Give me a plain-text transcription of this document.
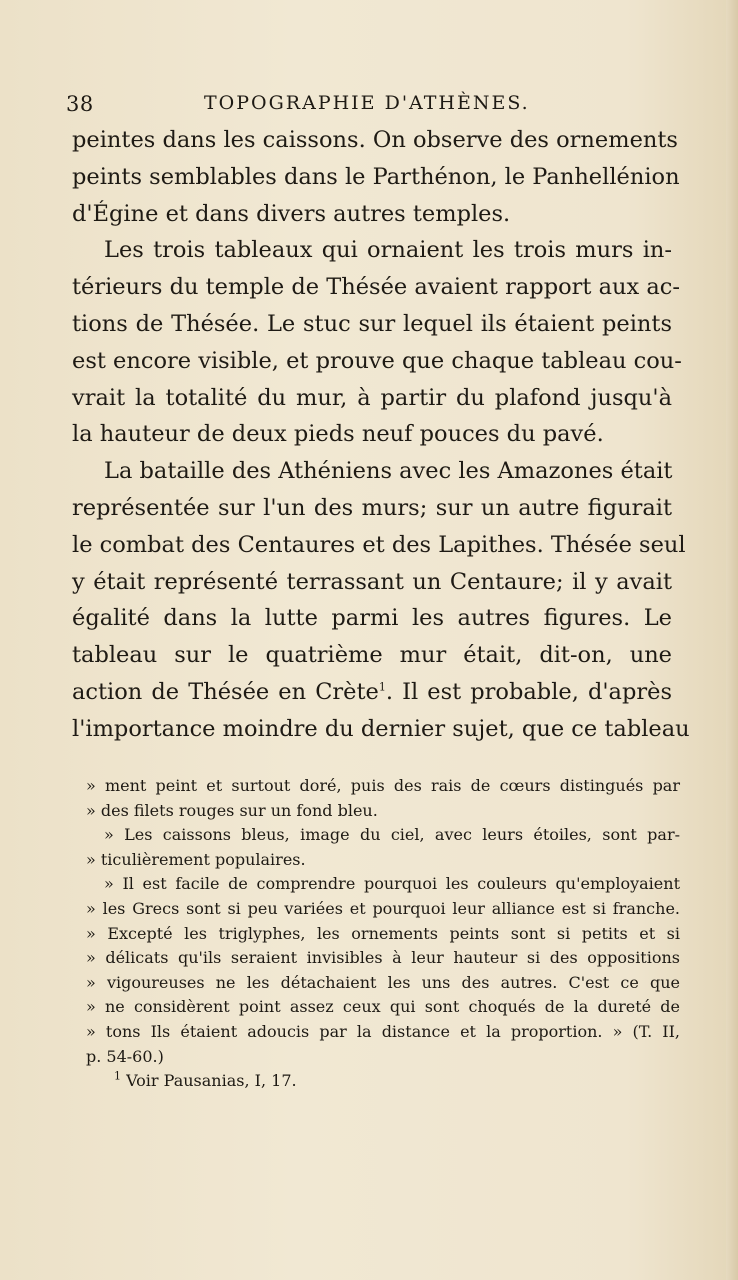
38	TOPOGRAPHIE D'ATHÈNES.
peintes dans les caissons. On observe des ornements
peints semblables dans le Parthénon, le Panhellénion
d'Égine et dans divers autres temples.
Les trois tableaux qui ornaient les trois murs in-
térieurs du temple de Thésée avaient rapport aux ac-
tions de Thésée. Le stuc sur lequel ils étaient peints
est encore visible, et prouve que chaque tableau cou-
vrait la totalité du mur, à partir du plafond jusqu'à
la hauteur de deux pieds neuf pouces du pavé.
La bataille des Athéniens avec les Amazones était
représentée sur l'un des murs; sur un autre figurait
le combat des Centaures et des Lapithes. Thésée seul
y était représenté terrassant un Centaure; il y avait
égalité dans la lutte parmi les autres figures. Le
tableau sur le quatrième mur était, dit-on, une
action de Thésée en Crète$^1$. Il est probable, d'après
l'importance moindre du dernier sujet, que ce tableau
» ment peint et surtout doré, puis des rais de cœurs distingués par
» des filets rouges sur un fond bleu.
» Les caissons bleus, image du ciel, avec leurs étoiles, sont par-
» ticulièrement populaires.
» Il est facile de comprendre pourquoi les couleurs qu'employaient
» les Grecs sont si peu variées et pourquoi leur alliance est si franche.
» Excepté les triglyphes, les ornements peints sont si petits et si
» délicats qu'ils seraient invisibles à leur hauteur si des oppositions
» vigoureuses ne les détachaient les uns des autres. C'est ce que
» ne considèrent point assez ceux qui sont choqués de la dureté de
» tons Ils étaient adoucis par la distance et la proportion. » (T. II,
p. 54-60.)
$^1$ Voir Pausanias, I, 17.
